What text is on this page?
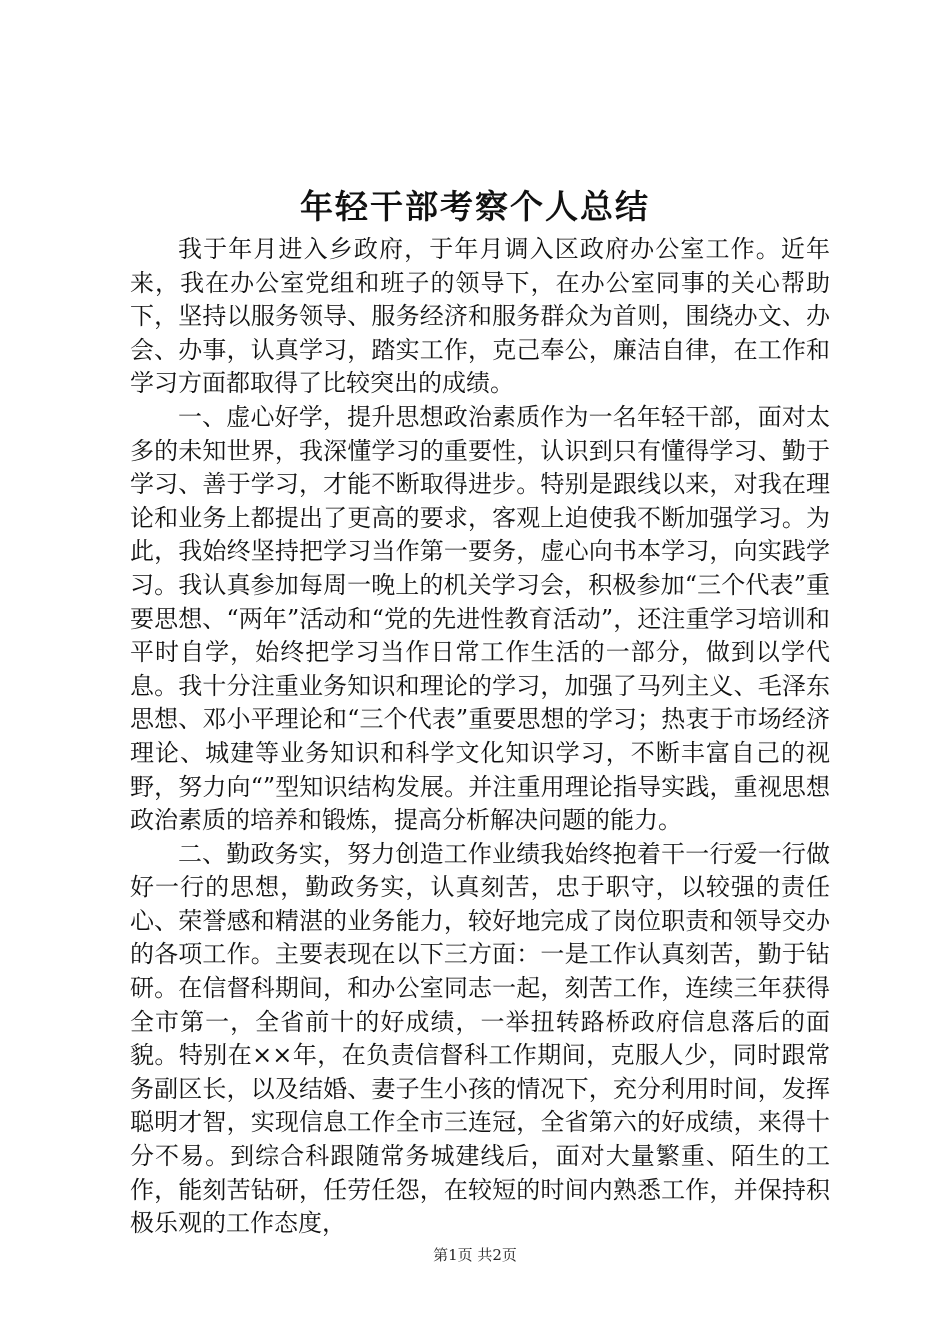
年轻干部考察个人总结

我于年月进入乡政府，于年月调入区政府办公室工作。近年来，我在办公室党组和班子的领导下，在办公室同事的关心帮助下，坚持以服务领导、服务经济和服务群众为首则，围绕办文、办会、办事，认真学习，踏实工作，克己奉公，廉洁自律，在工作和学习方面都取得了比较突出的成绩。

一、虚心好学，提升思想政治素质作为一名年轻干部，面对太多的未知世界，我深懂学习的重要性，认识到只有懂得学习、勤于学习、善于学习，才能不断取得进步。特别是跟线以来，对我在理论和业务上都提出了更高的要求，客观上迫使我不断加强学习。为此，我始终坚持把学习当作第一要务，虚心向书本学习，向实践学习。我认真参加每周一晚上的机关学习会，积极参加“三个代表”重要思想、“两年”活动和“党的先进性教育活动”，还注重学习培训和平时自学，始终把学习当作日常工作生活的一部分，做到以学代息。我十分注重业务知识和理论的学习，加强了马列主义、毛泽东思想、邓小平理论和“三个代表”重要思想的学习；热衷于市场经济理论、城建等业务知识和科学文化知识学习，不断丰富自己的视野，努力向“”型知识结构发展。并注重用理论指导实践，重视思想政治素质的培养和锻炼，提高分析解决问题的能力。

二、勤政务实，努力创造工作业绩我始终抱着干一行爱一行做好一行的思想，勤政务实，认真刻苦，忠于职守，以较强的责任心、荣誉感和精湛的业务能力，较好地完成了岗位职责和领导交办的各项工作。主要表现在以下三方面：一是工作认真刻苦，勤于钻研。在信督科期间，和办公室同志一起，刻苦工作，连续三年获得全市第一，全省前十的好成绩，一举扭转路桥政府信息落后的面貌。特别在××年，在负责信督科工作期间，克服人少，同时跟常务副区长，以及结婚、妻子生小孩的情况下，充分利用时间，发挥聪明才智，实现信息工作全市三连冠，全省第六的好成绩，来得十分不易。到综合科跟随常务城建线后，面对大量繁重、陌生的工作，能刻苦钻研，任劳任怨，在较短的时间内熟悉工作，并保持积极乐观的工作态度，

第1页 共2页
